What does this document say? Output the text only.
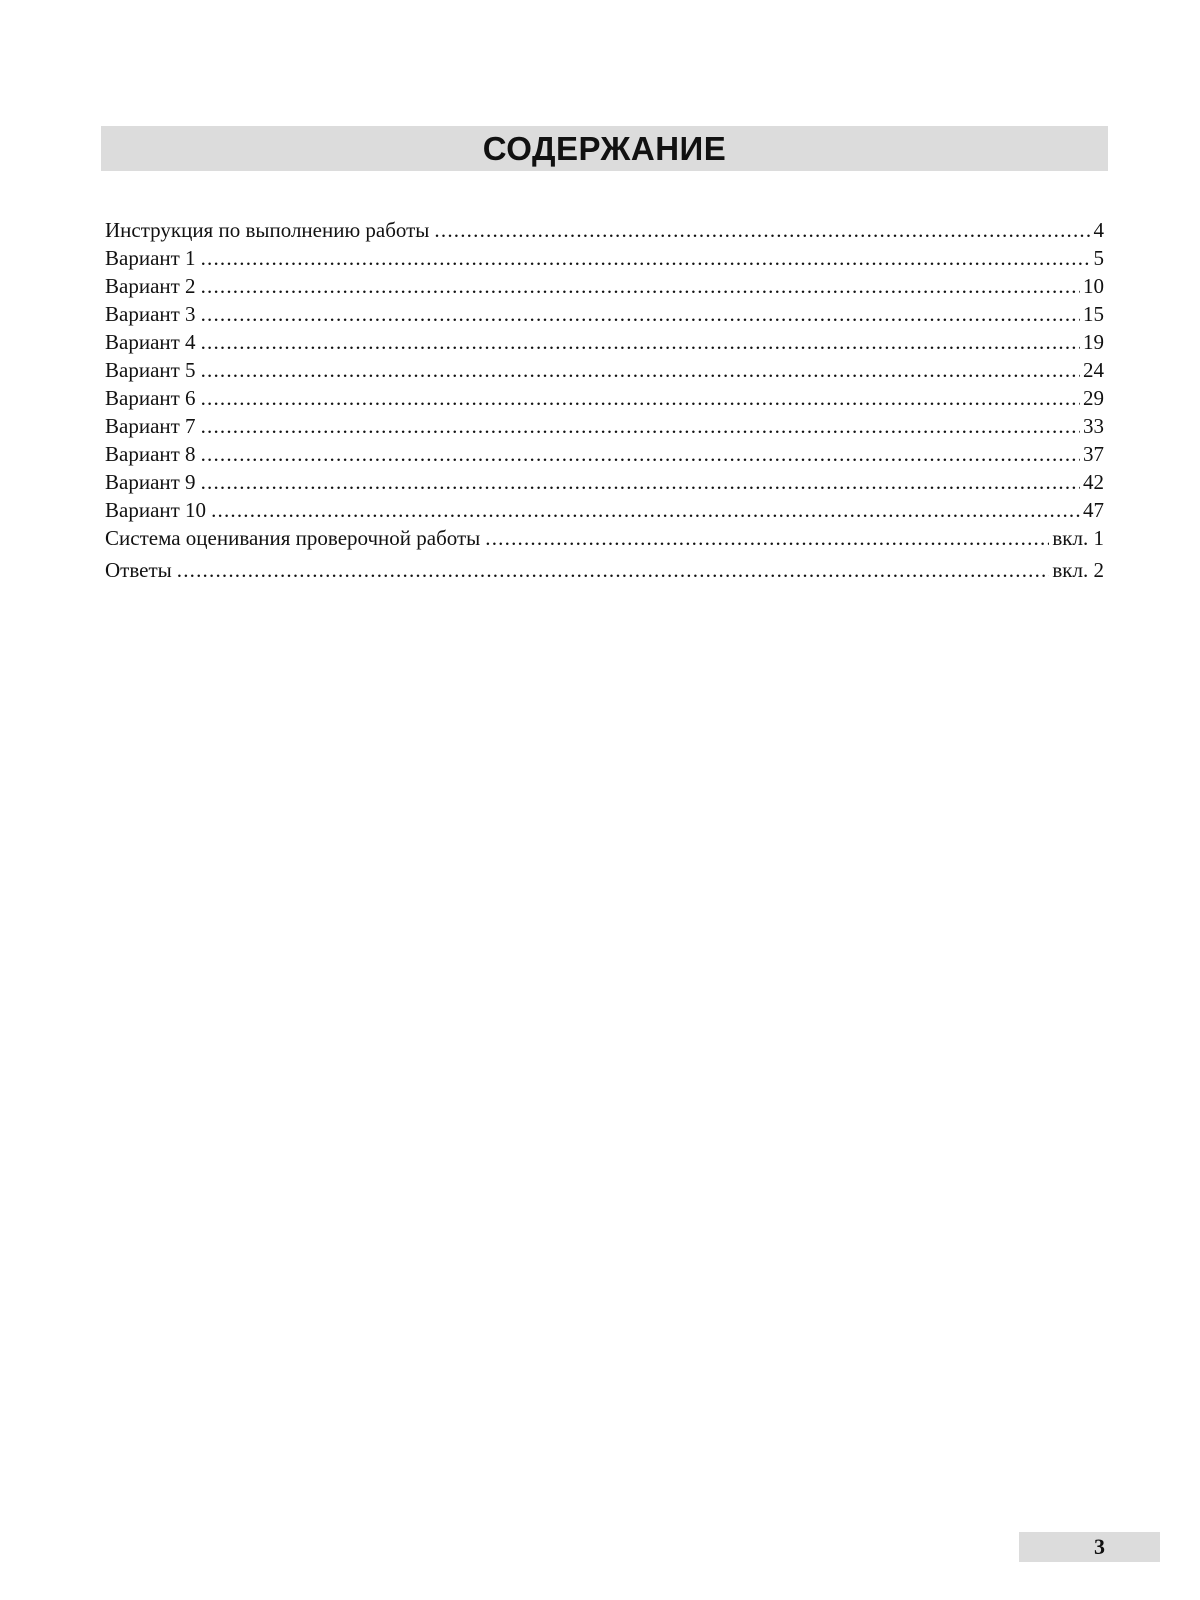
СОДЕРЖАНИЕ
Инструкция по выполнению работы .....	4
Вариант 1 .....	5
Вариант 2 .....	10
Вариант 3 .....	15
Вариант 4 .....	19
Вариант 5 .....	24
Вариант 6 .....	29
Вариант 7 .....	33
Вариант 8 .....	37
Вариант 9 .....	42
Вариант 10 .....	47
Система оценивания проверочной работы .....	вкл. 1
Ответы .....	вкл. 2
3
